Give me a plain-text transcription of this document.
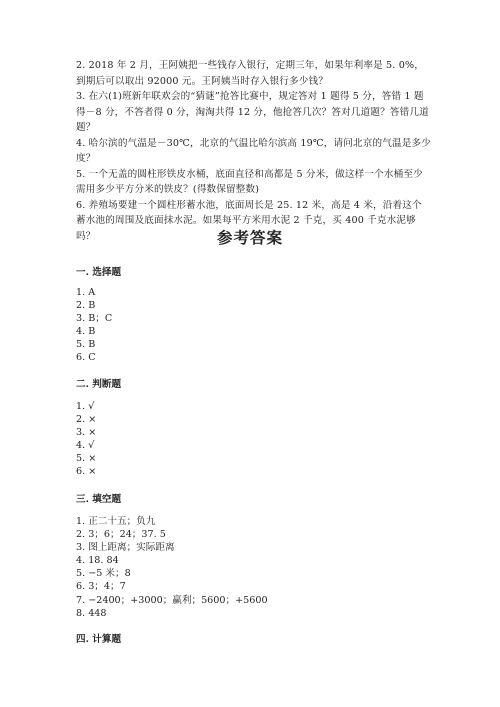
2. 2018 年 2 月，王阿姨把一些钱存入银行，定期三年，如果年利率是 5. 0%，到期后可以取出 92000 元。王阿姨当时存入银行多少钱？

3. 在六(1)班新年联欢会的“猜谜”抢答比赛中，规定答对 1 题得 5 分，答错 1 题得－8 分，不答者得 0 分，淘淘共得 12 分，他抢答几次？答对几道题？答错几道题？

4. 哈尔滨的气温是－30℃，北京的气温比哈尔滨高 19℃，请问北京的气温是多少度？

5. 一个无盖的圆柱形铁皮水桶，底面直径和高都是 5 分米，做这样一个水桶至少需用多少平方分米的铁皮？(得数保留整数)

6. 养殖场要建一个圆柱形蓄水池，底面周长是 25. 12 米，高是 4 米，沿着这个蓄水池的周围及底面抹水泥。如果每平方米用水泥 2 千克，买 400 千克水泥够吗？	参考答案
一. 选择题
1. A
2. B
3. B；C
4. B
5. B
6. C
二. 判断题
1. √
2. ×
3. ×
4. √
5. ×
6. ×
三. 填空题
1. 正二十五；负九
2. 3；6；24；37. 5
3. 图上距离；实际距离
4. 18. 84
5. −5 米；8
6. 3；4；7
7. −2400；+3000；赢利；5600；+5600
8. 448
四. 计算题
